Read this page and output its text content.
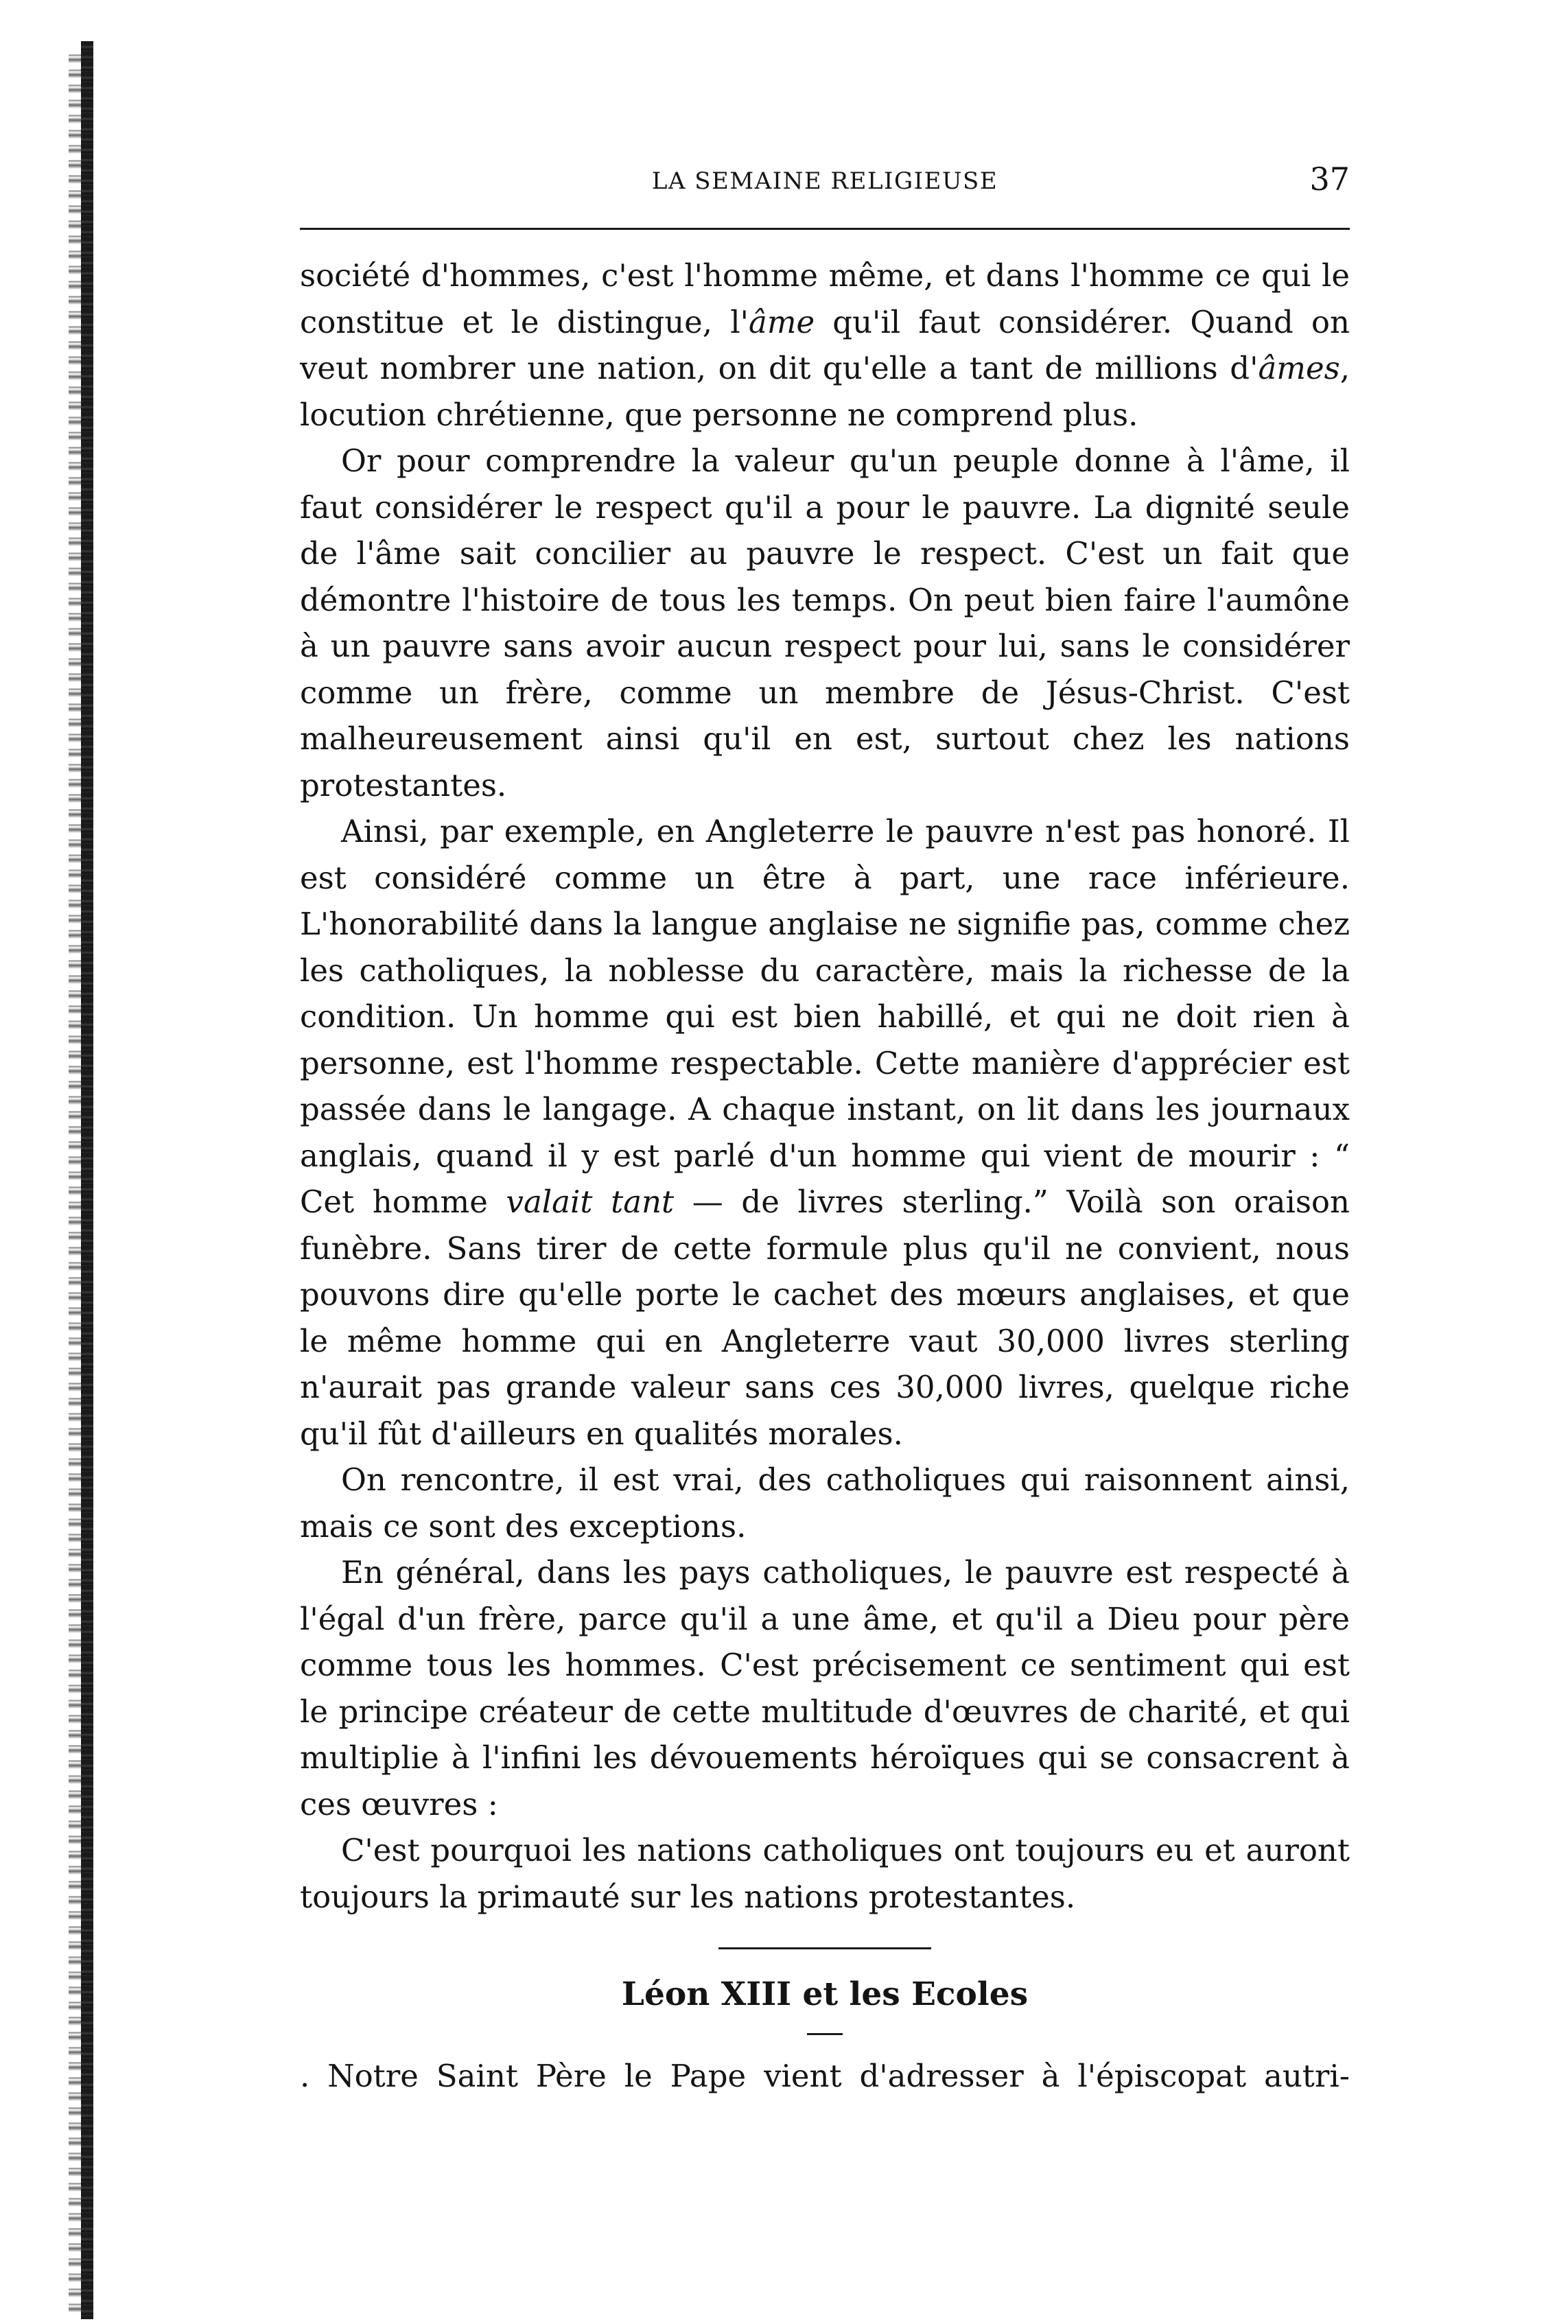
LA SEMAINE RELIGIEUSE	37

société d'hommes, c'est l'homme même, et dans l'homme ce qui le constitue et le distingue, l'âme qu'il faut considérer. Quand on veut nombrer une nation, on dit qu'elle a tant de millions d'âmes, locution chrétienne, que personne ne comprend plus.

Or pour comprendre la valeur qu'un peuple donne à l'âme, il faut considérer le respect qu'il a pour le pauvre. La dignité seule de l'âme sait concilier au pauvre le respect. C'est un fait que démontre l'histoire de tous les temps. On peut bien faire l'aumône à un pauvre sans avoir aucun respect pour lui, sans le considérer comme un frère, comme un membre de Jésus-Christ. C'est malheureusement ainsi qu'il en est, surtout chez les nations protestantes.

Ainsi, par exemple, en Angleterre le pauvre n'est pas honoré. Il est considéré comme un être à part, une race inférieure. L'honorabilité dans la langue anglaise ne signifie pas, comme chez les catholiques, la noblesse du caractère, mais la richesse de la condition. Un homme qui est bien habillé, et qui ne doit rien à personne, est l'homme respectable. Cette manière d'apprécier est passée dans le langage. A chaque instant, on lit dans les journaux anglais, quand il y est parlé d'un homme qui vient de mourir : “ Cet homme valait tant — de livres sterling.” Voilà son oraison funèbre. Sans tirer de cette formule plus qu'il ne convient, nous pouvons dire qu'elle porte le cachet des mœurs anglaises, et que le même homme qui en Angleterre vaut 30,000 livres sterling n'aurait pas grande valeur sans ces 30,000 livres, quelque riche qu'il fût d'ailleurs en qualités morales.

On rencontre, il est vrai, des catholiques qui raisonnent ainsi, mais ce sont des exceptions.

En général, dans les pays catholiques, le pauvre est respecté à l'égal d'un frère, parce qu'il a une âme, et qu'il a Dieu pour père comme tous les hommes. C'est précisement ce sentiment qui est le principe créateur de cette multitude d'œuvres de charité, et qui multiplie à l'infini les dévouements héroïques qui se consacrent à ces œuvres :

C'est pourquoi les nations catholiques ont toujours eu et auront toujours la primauté sur les nations protestantes.

Léon XIII et les Ecoles

. Notre Saint Père le Pape vient d'adresser à l'épiscopat autri-
